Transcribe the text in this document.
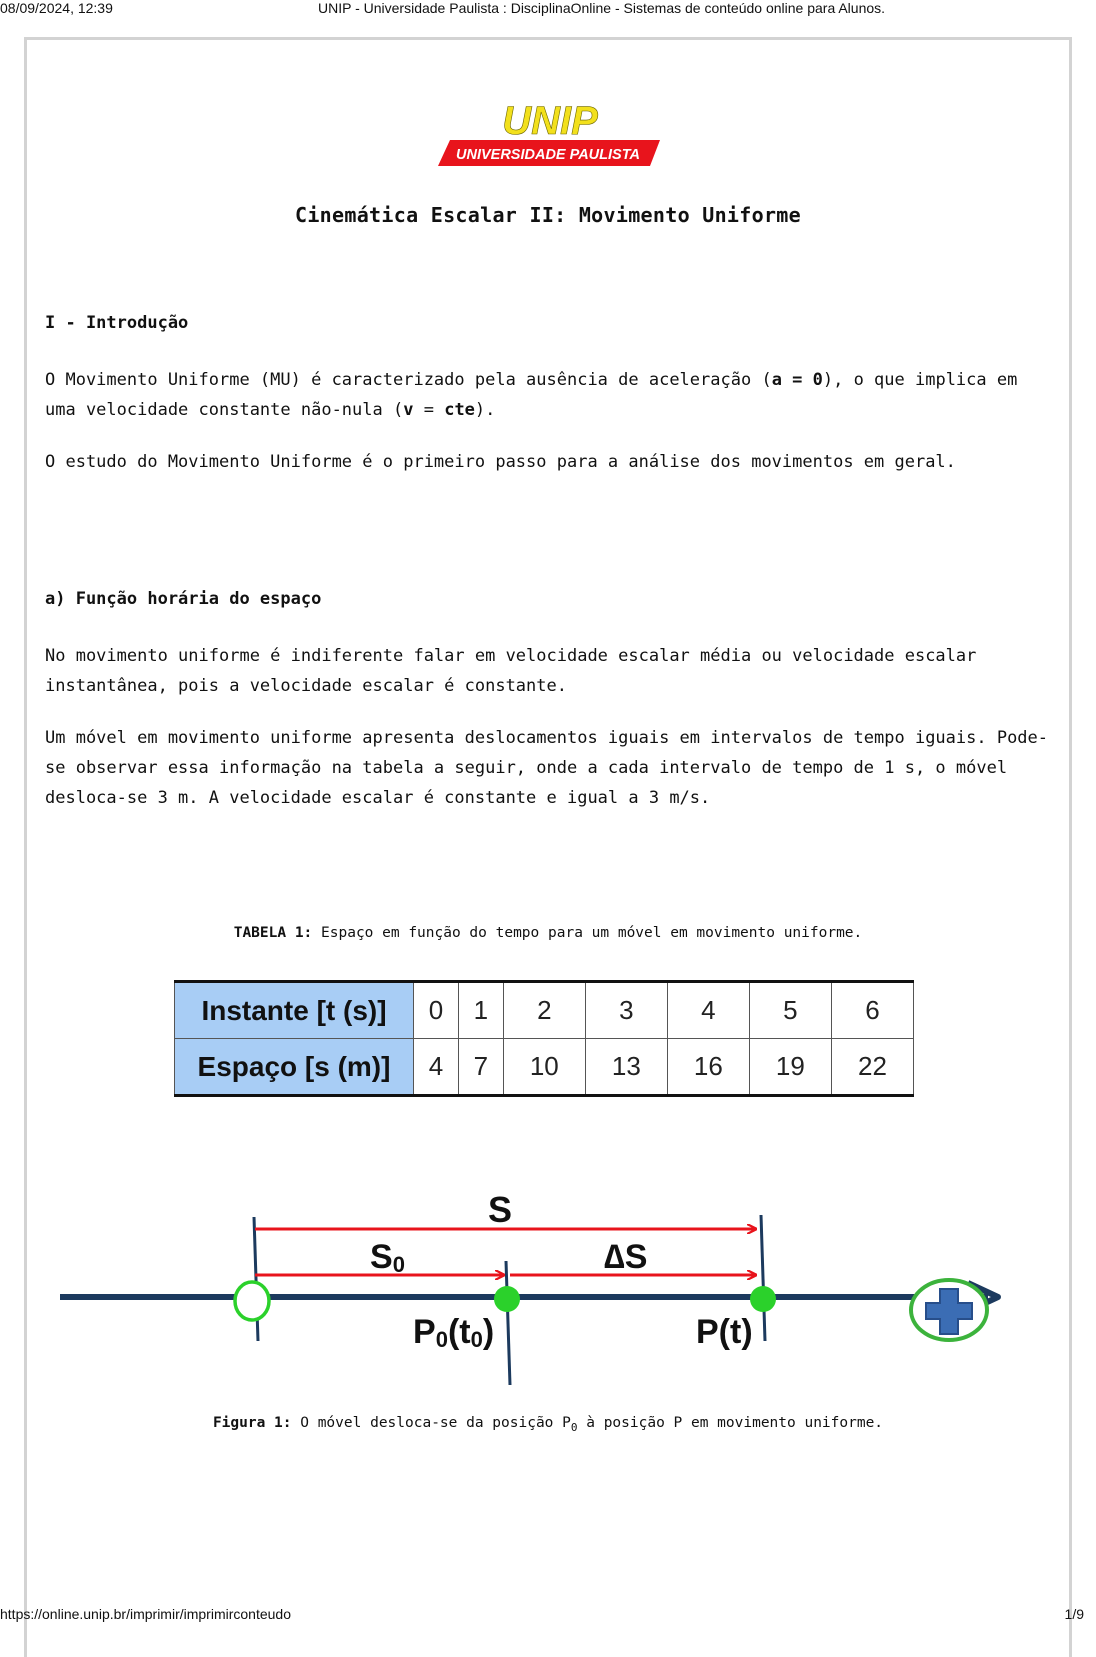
08/09/2024, 12:39	UNIP - Universidade Paulista : DisciplinaOnline - Sistemas de conteúdo online para Alunos.
UNIP
UNIVERSIDADE PAULISTA
Cinemática Escalar II: Movimento Uniforme
I - Introdução

O Movimento Uniforme (MU) é caracterizado pela ausência de aceleração (a = 0), o que implica em uma velocidade constante não-nula (v = cte).

O estudo do Movimento Uniforme é o primeiro passo para a análise dos movimentos em geral.

a) Função horária do espaço

No movimento uniforme é indiferente falar em velocidade escalar média ou velocidade escalar instantânea, pois a velocidade escalar é constante.

Um móvel em movimento uniforme apresenta deslocamentos iguais em intervalos de tempo iguais. Pode-se observar essa informação na tabela a seguir, onde a cada intervalo de tempo de 1 s, o móvel desloca-se 3 m. A velocidade escalar é constante e igual a 3 m/s.

TABELA 1: Espaço em função do tempo para um móvel em movimento uniforme.
Instante [t (s)]	0	1	2	3	4	5	6
Espaço [s (m)]	4	7	10	13	16	19	22
S
S0	∆S
P0(t0)	P(t)
Figura 1: O móvel desloca-se da posição $P_0$ à posição P em movimento uniforme.
https://online.unip.br/imprimir/imprimirconteudo	1/9
